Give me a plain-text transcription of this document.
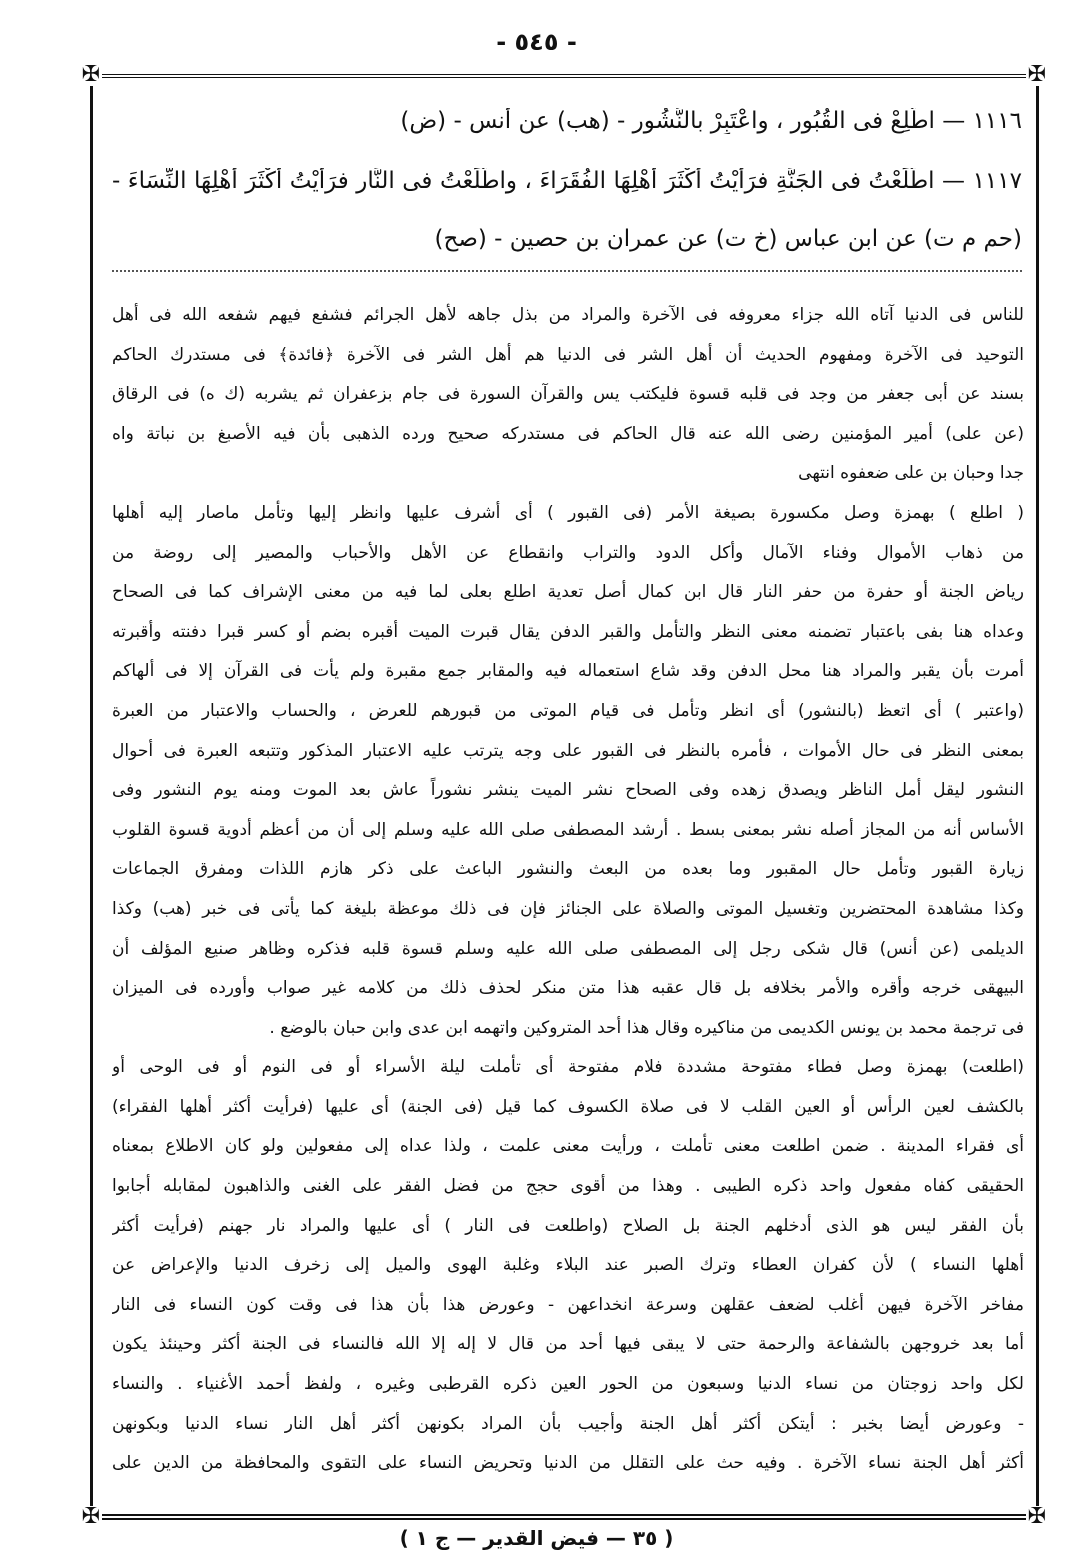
- ٥٤٥ -
✠	✠
✠	✠
١١١٦ — اطَّلِعْ فى القُبُورِ ، واعْتَبِرْ بالنُّشُورِ - (هب) عن أنس - (ض)
١١١٧ — اطَّلَعْتُ فى الجَنَّةِ فرَأَيْتُ أكْثَرَ أهْلِهَا الفُقَرَاءَ ، واطَّلَعْتُ فى النَّارِ فرَأَيْتُ أكْثَرَ أهْلِهَا النِّسَاءَ -
(حم م ت) عن ابن عباس (خ ت) عن عمران بن حصين - (صح)
للناس فى الدنيا آتاه الله جزاء معروفه فى الآخرة والمراد من بذل جاهه لأهل الجرائم فشفع فيهم شفعه الله فى أهل
التوحيد فى الآخرة ومفهوم الحديث أن أهل الشر فى الدنيا هم أهل الشر فى الآخرة ﴿فائدة﴾ فى مستدرك الحاكم
بسند عن أبى جعفر من وجد فى قلبه قسوة فليكتب يس والقرآن السورة فى جام بزعفران ثم يشربه (ك ه) فى الرقاق
(عن على) أمير المؤمنين رضى الله عنه قال الحاكم فى مستدركه صحيح ورده الذهبى بأن فيه الأصبغ بن نباتة واه
جدا وحبان بن على ضعفوه انتهى
( اطلع ) بهمزة وصل مكسورة بصيغة الأمر (فى القبور ) أى أشرف عليها وانظر إليها وتأمل ماصار إليه أهلها
من ذهاب الأموال وفناء الآمال وأكل الدود والتراب وانقطاع عن الأهل والأحباب والمصير إلى روضة من
رياض الجنة أو حفرة من حفر النار قال ابن كمال أصل تعدية اطلع بعلى لما فيه من معنى الإشراف كما فى الصحاح
وعداه هنا بفى باعتبار تضمنه معنى النظر والتأمل والقبر الدفن يقال قبرت الميت أقبره بضم أو كسر قبرا دفنته وأقبرته
أمرت بأن يقبر والمراد هنا محل الدفن وقد شاع استعماله فيه والمقابر جمع مقبرة ولم يأت فى القرآن إلا فى ألهاكم
(واعتبر ) أى اتعظ (بالنشور) أى انظر وتأمل فى قيام الموتى من قبورهم للعرض ، والحساب والاعتبار من العبرة
بمعنى النظر فى حال الأموات ، فأمره بالنظر فى القبور على وجه يترتب عليه الاعتبار المذكور وتتبعه العبرة فى أحوال
النشور ليقل أمل الناظر ويصدق زهده وفى الصحاح نشر الميت ينشر نشوراً عاش بعد الموت ومنه يوم النشور وفى
الأساس أنه من المجاز أصله نشر بمعنى بسط . أرشد المصطفى صلى الله عليه وسلم إلى أن من أعظم أدوية قسوة القلوب
زيارة القبور وتأمل حال المقبور وما بعده من البعث والنشور الباعث على ذكر هازم اللذات ومفرق الجماعات
وكذا مشاهدة المحتضرين وتغسيل الموتى والصلاة على الجنائز فإن فى ذلك موعظة بليغة كما يأتى فى خبر (هب) وكذا
الديلمى (عن أنس) قال شكى رجل إلى المصطفى صلى الله عليه وسلم قسوة قلبه فذكره وظاهر صنيع المؤلف أن
البيهقى خرجه وأقره والأمر بخلافه بل قال عقبه هذا متن منكر لحذف ذلك من كلامه غير صواب وأورده فى الميزان
فى ترجمة محمد بن يونس الكديمى من مناكيره وقال هذا أحد المتروكين واتهمه ابن عدى وابن حبان بالوضع .
(اطلعت) بهمزة وصل فطاء مفتوحة مشددة فلام مفتوحة أى تأملت ليلة الأسراء أو فى النوم أو فى الوحى أو
بالكشف لعين الرأس أو العين القلب لا فى صلاة الكسوف كما قيل (فى الجنة) أى عليها (فرأيت أكثر أهلها الفقراء)
أى فقراء المدينة . ضمن اطلعت معنى تأملت ، ورأيت معنى علمت ، ولذا عداه إلى مفعولين ولو كان الاطلاع بمعناه
الحقيقى كفاه مفعول واحد ذكره الطيبى . وهذا من أقوى حجج من فضل الفقر على الغنى والذاهبون لمقابله أجابوا
بأن الفقر ليس هو الذى أدخلهم الجنة بل الصلاح (واطلعت فى النار ) أى عليها والمراد نار جهنم (فرأيت أكثر
أهلها النساء ) لأن كفران العطاء وترك الصبر عند البلاء وغلبة الهوى والميل إلى زخرف الدنيا والإعراض عن
مفاخر الآخرة فيهن أغلب لضعف عقلهن وسرعة انخداعهن - وعورض هذا بأن هذا فى وقت كون النساء فى النار
أما بعد خروجهن بالشفاعة والرحمة حتى لا يبقى فيها أحد من قال لا إله إلا الله فالنساء فى الجنة أكثر وحينئذ يكون
لكل واحد زوجتان من نساء الدنيا وسبعون من الحور العين ذكره القرطبى وغيره ، ولفظ أحمد الأغنياء . والنساء
- وعورض أيضا بخبر : أيتكن أكثر أهل الجنة وأجيب بأن المراد بكونهن أكثر أهل النار نساء الدنيا وبكونهن
أكثر أهل الجنة نساء الآخرة . وفيه حث على التقلل من الدنيا وتحريض النساء على التقوى والمحافظة من الدين على
( ٣٥ — فيض القدير — ج ١ )
